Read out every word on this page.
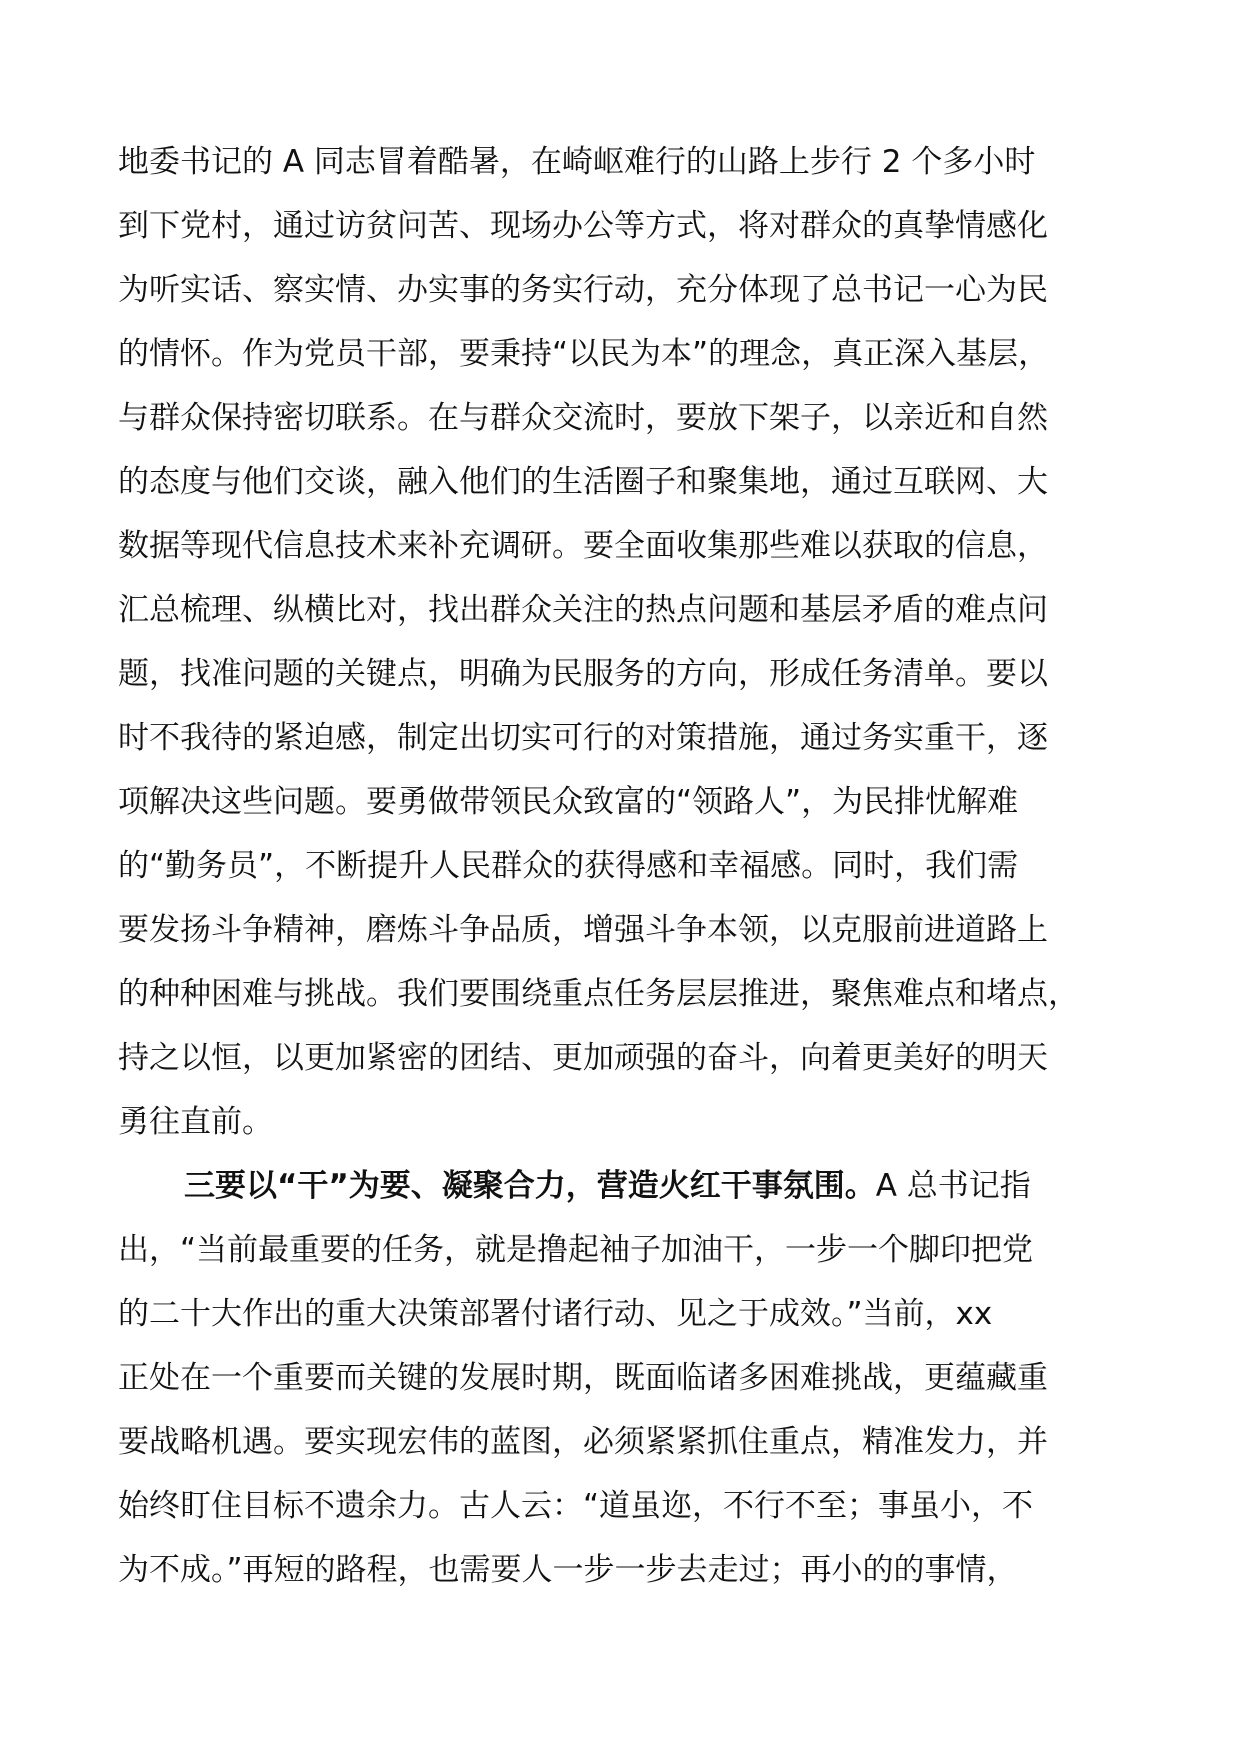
地委书记的 A 同志冒着酷暑，在崎岖难行的山路上步行 2 个多小时
到下党村，通过访贫问苦、现场办公等方式，将对群众的真挚情感化
为听实话、察实情、办实事的务实行动，充分体现了总书记一心为民
的情怀。作为党员干部，要秉持“以民为本”的理念，真正深入基层，
与群众保持密切联系。在与群众交流时，要放下架子，以亲近和自然
的态度与他们交谈，融入他们的生活圈子和聚集地，通过互联网、大
数据等现代信息技术来补充调研。要全面收集那些难以获取的信息，
汇总梳理、纵横比对，找出群众关注的热点问题和基层矛盾的难点问
题，找准问题的关键点，明确为民服务的方向，形成任务清单。要以
时不我待的紧迫感，制定出切实可行的对策措施，通过务实重干，逐
项解决这些问题。要勇做带领民众致富的“领路人”，为民排忧解难
的“勤务员”，不断提升人民群众的获得感和幸福感。同时，我们需
要发扬斗争精神，磨炼斗争品质，增强斗争本领，以克服前进道路上
的种种困难与挑战。我们要围绕重点任务层层推进，聚焦难点和堵点，
持之以恒，以更加紧密的团结、更加顽强的奋斗，向着更美好的明天
勇往直前。
三要以“干”为要、凝聚合力，营造火红干事氛围。A 总书记指
出，“当前最重要的任务，就是撸起袖子加油干，一步一个脚印把党
的二十大作出的重大决策部署付诸行动、见之于成效。”当前，xx
正处在一个重要而关键的发展时期，既面临诸多困难挑战，更蕴藏重
要战略机遇。要实现宏伟的蓝图，必须紧紧抓住重点，精准发力，并
始终盯住目标不遗余力。古人云：“道虽迩，不行不至；事虽小，不
为不成。”再短的路程，也需要人一步一步去走过；再小的的事情，
